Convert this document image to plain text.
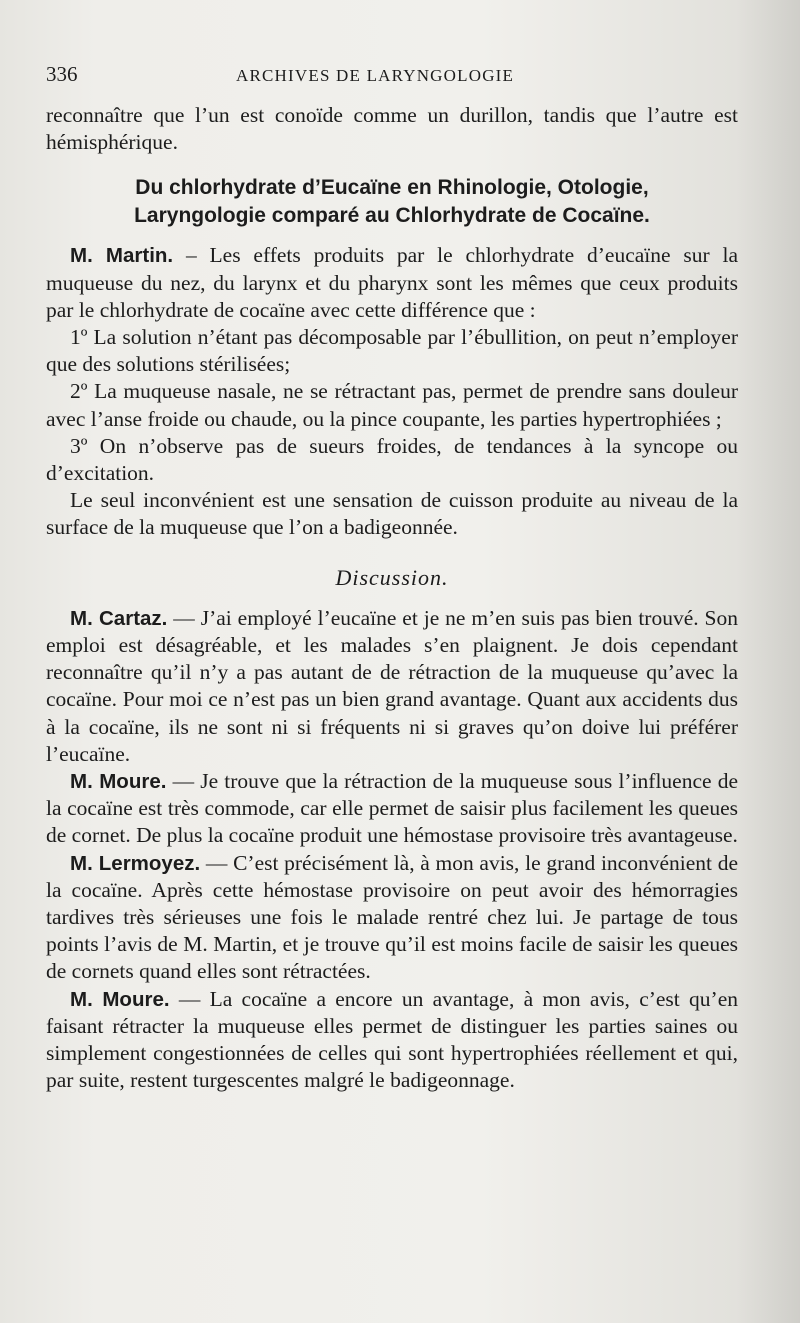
336	ARCHIVES DE LARYNGOLOGIE

reconnaître que l’un est conoïde comme un durillon, tandis que l’autre est hémisphérique.

Du chlorhydrate d’Eucaïne en Rhinologie, Otologie,
Laryngologie comparé au Chlorhydrate de Cocaïne.

M. Martin. – Les effets produits par le chlorhydrate d’eucaïne sur la muqueuse du nez, du larynx et du pharynx sont les mêmes que ceux produits par le chlorhydrate de cocaïne avec cette différence que :

1º La solution n’étant pas décomposable par l’ébullition, on peut n’employer que des solutions stérilisées;

2º La muqueuse nasale, ne se rétractant pas, permet de prendre sans douleur avec l’anse froide ou chaude, ou la pince coupante, les parties hypertrophiées ;

3º On n’observe pas de sueurs froides, de tendances à la syncope ou d’excitation.

Le seul inconvénient est une sensation de cuisson produite au niveau de la surface de la muqueuse que l’on a badigeonnée.

Discussion.

M. Cartaz. — J’ai employé l’eucaïne et je ne m’en suis pas bien trouvé. Son emploi est désagréable, et les malades s’en plaignent. Je dois cependant reconnaître qu’il n’y a pas autant de de rétraction de la muqueuse qu’avec la cocaïne. Pour moi ce n’est pas un bien grand avantage. Quant aux accidents dus à la cocaïne, ils ne sont ni si fréquents ni si graves qu’on doive lui préférer l’eucaïne.

M. Moure. — Je trouve que la rétraction de la muqueuse sous l’influence de la cocaïne est très commode, car elle permet de saisir plus facilement les queues de cornet. De plus la cocaïne produit une hémostase provisoire très avantageuse.

M. Lermoyez. — C’est précisément là, à mon avis, le grand inconvénient de la cocaïne. Après cette hémostase provisoire on peut avoir des hémorragies tardives très sérieuses une fois le malade rentré chez lui. Je partage de tous points l’avis de M. Martin, et je trouve qu’il est moins facile de saisir les queues de cornets quand elles sont rétractées.

M. Moure. — La cocaïne a encore un avantage, à mon avis, c’est qu’en faisant rétracter la muqueuse elles permet de distinguer les parties saines ou simplement congestionnées de celles qui sont hypertrophiées réellement et qui, par suite, restent turgescentes malgré le badigeonnage.
